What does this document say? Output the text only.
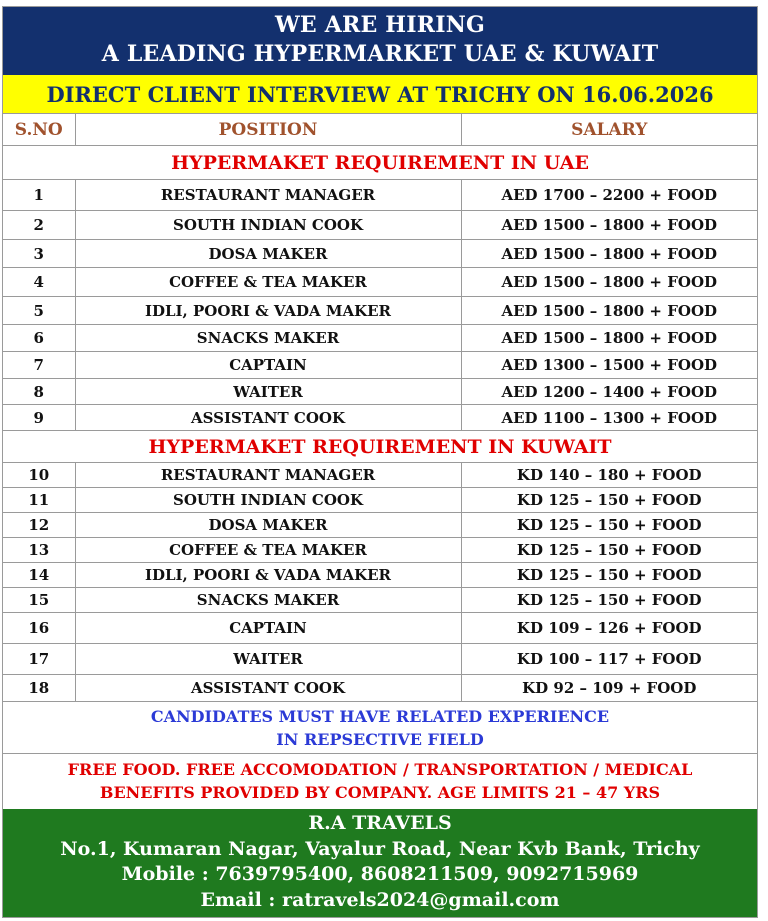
WE ARE HIRING
A LEADING HYPERMARKET UAE & KUWAIT
DIRECT CLIENT INTERVIEW AT TRICHY ON 16.06.2026
S.NO	POSITION	SALARY
HYPERMAKET REQUIREMENT IN UAE		
1	RESTAURANT MANAGER	AED 1700 – 2200 + FOOD
2	SOUTH INDIAN COOK	AED 1500 – 1800 + FOOD
3	DOSA MAKER	AED 1500 – 1800 + FOOD
4	COFFEE & TEA MAKER	AED 1500 – 1800 + FOOD
5	IDLI, POORI & VADA MAKER	AED 1500 – 1800 + FOOD
6	SNACKS MAKER	AED 1500 – 1800 + FOOD
7	CAPTAIN	AED 1300 – 1500 + FOOD
8	WAITER	AED 1200 – 1400 + FOOD
9	ASSISTANT COOK	AED 1100 – 1300 + FOOD
HYPERMAKET REQUIREMENT IN KUWAIT		
10	RESTAURANT MANAGER	KD 140 – 180 + FOOD
11	SOUTH INDIAN COOK	KD 125 – 150 + FOOD
12	DOSA MAKER	KD 125 – 150 + FOOD
13	COFFEE & TEA MAKER	KD 125 – 150 + FOOD
14	IDLI, POORI & VADA MAKER	KD 125 – 150 + FOOD
15	SNACKS MAKER	KD 125 – 150 + FOOD
16	CAPTAIN	KD 109 – 126 + FOOD
17	WAITER	KD 100 – 117 + FOOD
18	ASSISTANT COOK	KD 92 – 109 + FOOD
CANDIDATES MUST HAVE RELATED EXPERIENCE
IN REPSECTIVE FIELD
FREE FOOD. FREE ACCOMODATION / TRANSPORTATION / MEDICAL
BENEFITS PROVIDED BY COMPANY. AGE LIMITS 21 – 47 YRS
R.A TRAVELS
No.1, Kumaran Nagar, Vayalur Road, Near Kvb Bank, Trichy
Mobile : 7639795400, 8608211509, 9092715969
Email : ratravels2024@gmail.com
